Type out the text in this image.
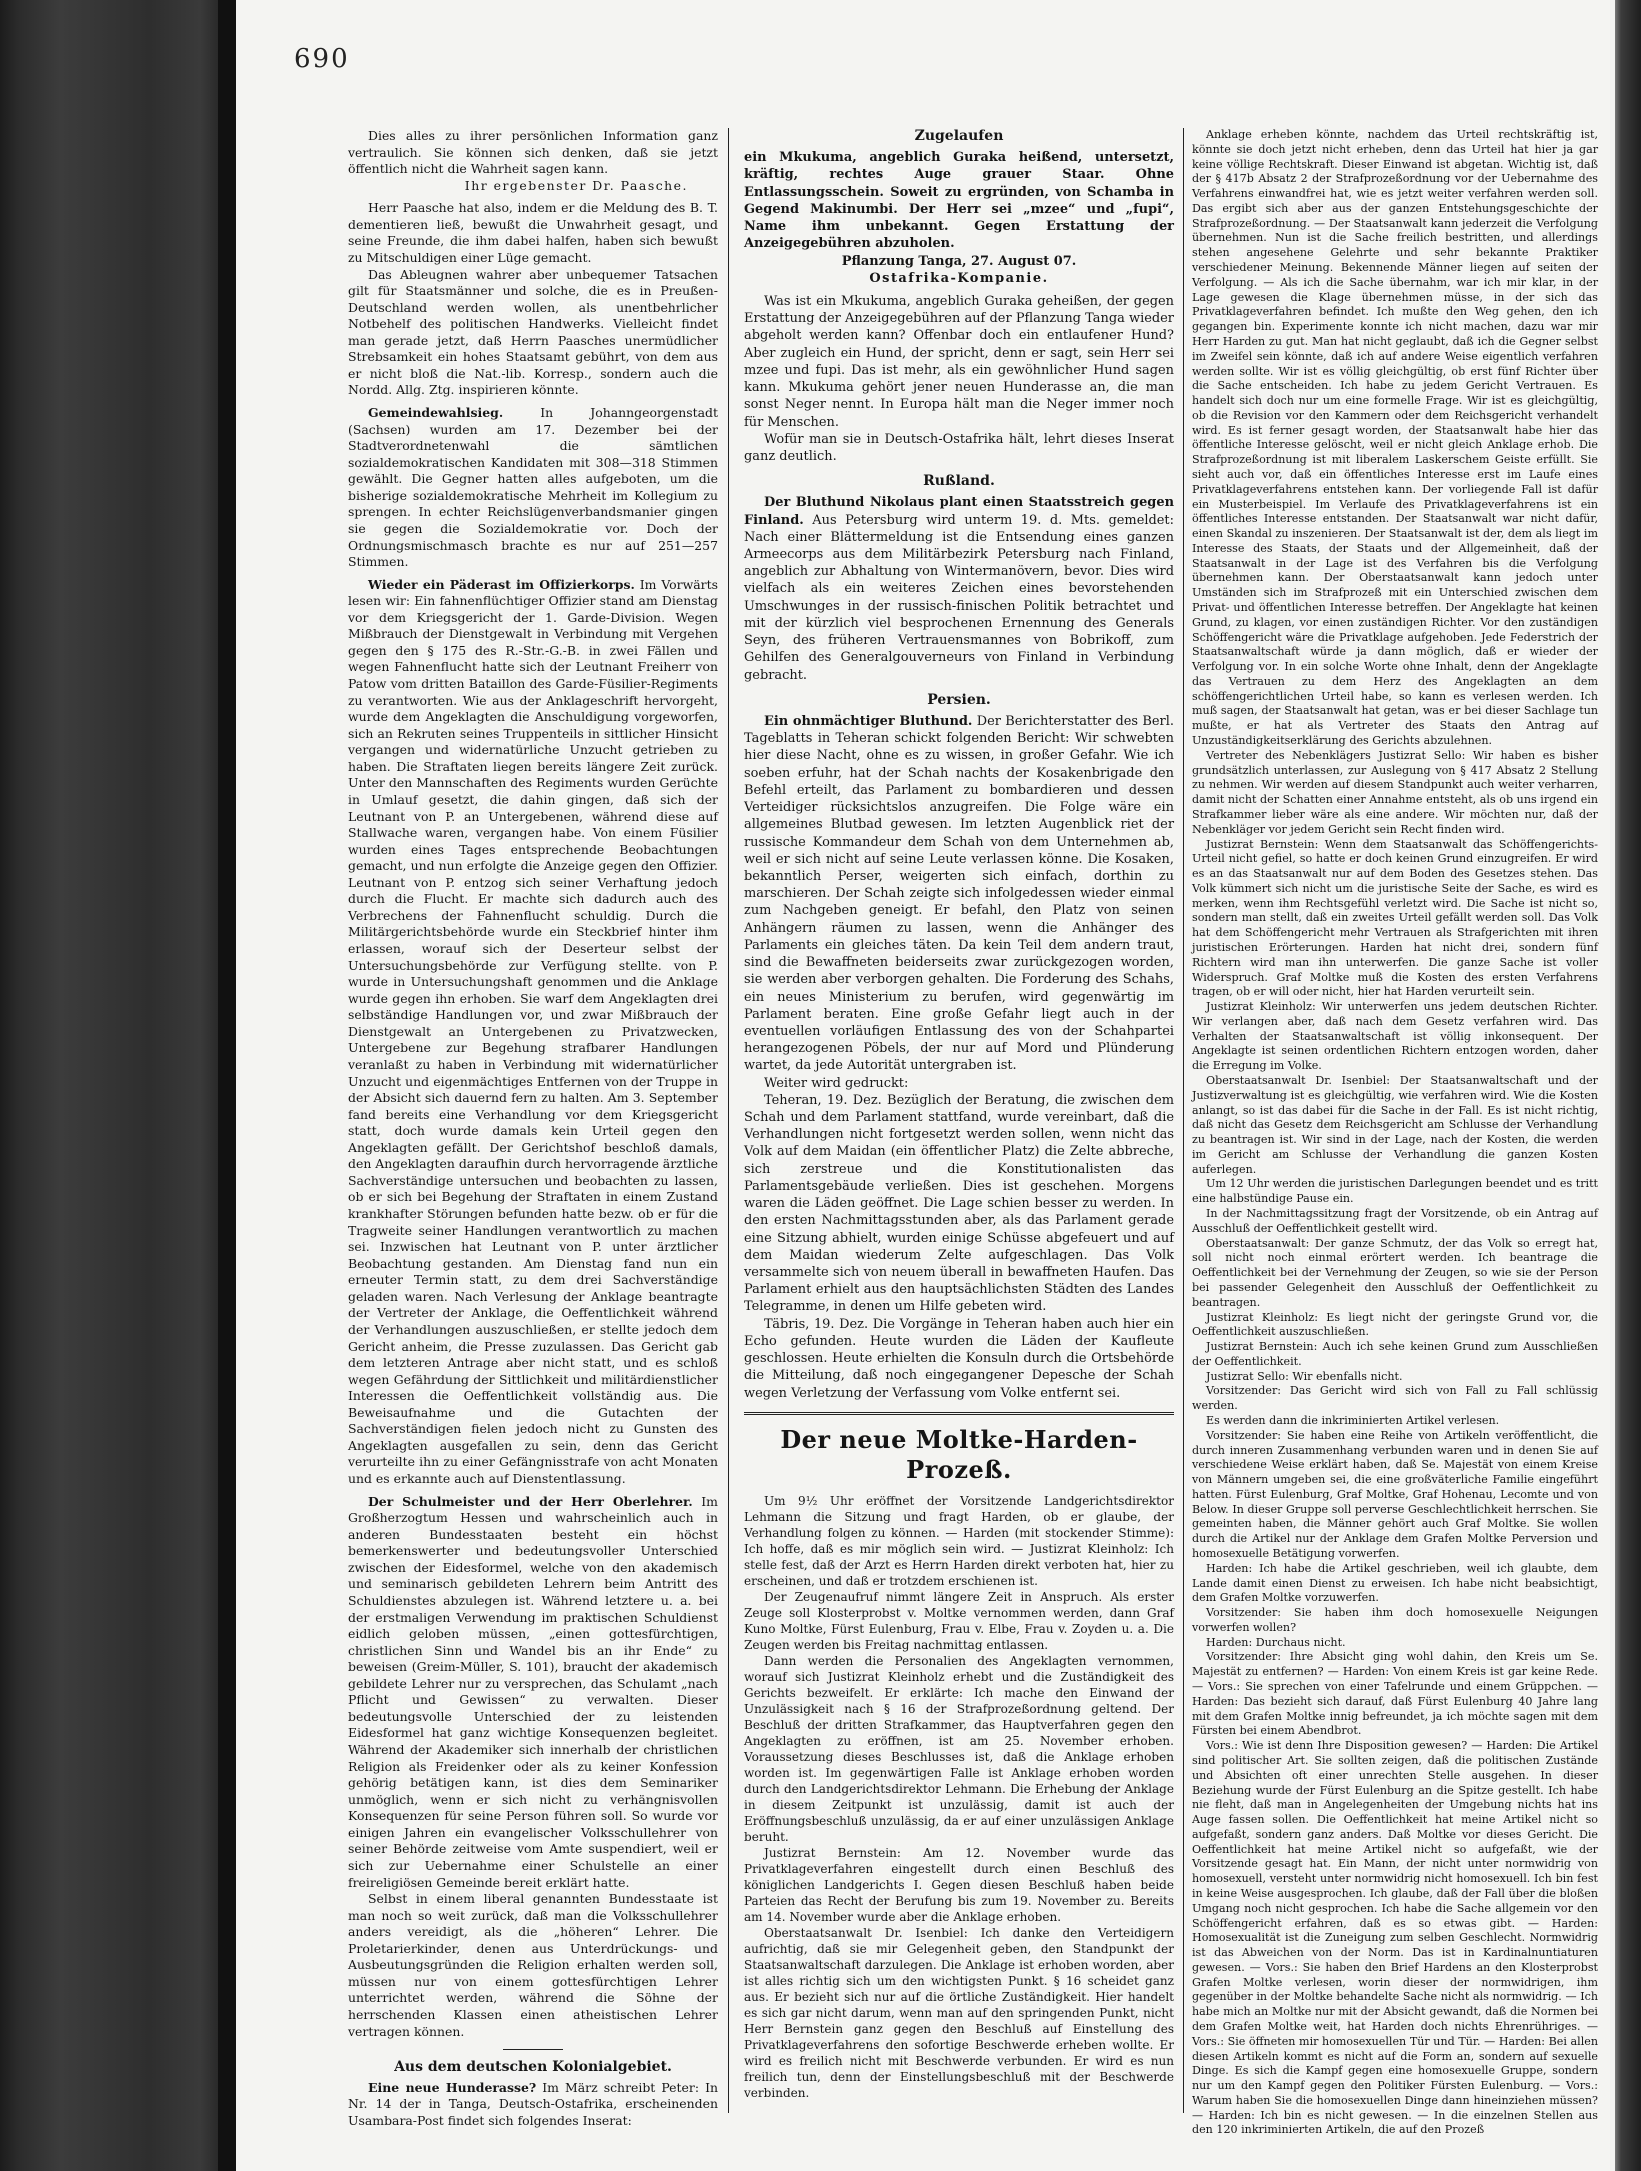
690

Dies alles zu ihrer persönlichen Information ganz vertraulich. Sie können sich denken, daß sie jetzt öffentlich nicht die Wahrheit sagen kann.

Ihr ergebenster Dr. Paasche.

Herr Paasche hat also, indem er die Meldung des B. T. dementieren ließ, bewußt die Unwahrheit gesagt, und seine Freunde, die ihm dabei halfen, haben sich bewußt zu Mitschuldigen einer Lüge gemacht.

Das Ableugnen wahrer aber unbequemer Tatsachen gilt für Staatsmänner und solche, die es in Preußen-Deutschland werden wollen, als unentbehrlicher Notbehelf des politischen Handwerks. Vielleicht findet man gerade jetzt, daß Herrn Paasches unermüdlicher Strebsamkeit ein hohes Staatsamt gebührt, von dem aus er nicht bloß die Nat.-lib. Korresp., sondern auch die Nordd. Allg. Ztg. inspirieren könnte.

Gemeindewahlsieg.	In Johanngeorgenstadt (Sachsen) wurden am 17. Dezember bei der Stadtverordnetenwahl die sämtlichen sozialdemokratischen Kandidaten mit 308—318 Stimmen gewählt. Die Gegner hatten alles aufgeboten, um die bisherige sozialdemokratische Mehrheit im Kollegium zu sprengen. In echter Reichslügenverbandsmanier gingen sie gegen die Sozialdemokratie vor. Doch der Ordnungsmischmasch brachte es nur auf 251—257 Stimmen.

Wieder ein Päderast im Offizierkorps. Im Vorwärts lesen wir: Ein fahnenflüchtiger Offizier stand am Dienstag vor dem Kriegsgericht der 1. Garde-Division. Wegen Mißbrauch der Dienstgewalt in Verbindung mit Vergehen gegen den § 175 des R.-Str.-G.-B. in zwei Fällen und wegen Fahnenflucht hatte sich der Leutnant Freiherr von Patow vom dritten Bataillon des Garde-Füsilier-Regiments zu verantworten. Wie aus der Anklageschrift hervorgeht, wurde dem Angeklagten die Anschuldigung vorgeworfen, sich an Rekruten seines Truppenteils in sittlicher Hinsicht vergangen und widernatürliche Unzucht getrieben zu haben. Die Straftaten liegen bereits längere Zeit zurück. Unter den Mannschaften des Regiments wurden Gerüchte in Umlauf gesetzt, die dahin gingen, daß sich der Leutnant von P. an Untergebenen, während diese auf Stallwache waren, vergangen habe. Von einem Füsilier wurden eines Tages entsprechende Beobachtungen gemacht, und nun erfolgte die Anzeige gegen den Offizier. Leutnant von P. entzog sich seiner Verhaftung jedoch durch die Flucht. Er machte sich dadurch auch des Verbrechens der Fahnenflucht schuldig. Durch die Militärgerichtsbehörde wurde ein Steckbrief hinter ihm erlassen, worauf sich der Deserteur selbst der Untersuchungsbehörde zur Verfügung stellte. von P. wurde in Untersuchungshaft genommen und die Anklage wurde gegen ihn erhoben. Sie warf dem Angeklagten drei selbständige Handlungen vor, und zwar Mißbrauch der Dienstgewalt an Untergebenen zu Privatzwecken, Untergebene zur Begehung strafbarer Handlungen veranlaßt zu haben in Verbindung mit widernatürlicher Unzucht und eigenmächtiges Entfernen von der Truppe in der Absicht sich dauernd fern zu halten. Am 3. September fand bereits eine Verhandlung vor dem Kriegsgericht statt, doch wurde damals kein Urteil gegen den Angeklagten gefällt. Der Gerichtshof beschloß damals, den Angeklagten daraufhin durch hervorragende ärztliche Sachverständige untersuchen und beobachten zu lassen, ob er sich bei Begehung der Straftaten in einem Zustand krankhafter Störungen befunden hatte bezw. ob er für die Tragweite seiner Handlungen verantwortlich zu machen sei. Inzwischen hat Leutnant von P. unter ärztlicher Beobachtung gestanden. Am Dienstag fand nun ein erneuter Termin statt, zu dem drei Sachverständige geladen waren. Nach Verlesung der Anklage beantragte der Vertreter der Anklage, die Oeffentlichkeit während der Verhandlungen auszuschließen, er stellte jedoch dem Gericht anheim, die Presse zuzulassen. Das Gericht gab dem letzteren Antrage aber nicht statt, und es schloß wegen Gefährdung der Sittlichkeit und militärdienstlicher Interessen die Oeffentlichkeit vollständig aus. Die Beweisaufnahme und die Gutachten der Sachverständigen fielen jedoch nicht zu Gunsten des Angeklagten ausgefallen zu sein, denn das Gericht verurteilte ihn zu einer Gefängnisstrafe von acht Monaten und es erkannte auch auf Dienstentlassung.

Der Schulmeister und der Herr Oberlehrer. Im Großherzogtum Hessen und wahrscheinlich auch in anderen Bundesstaaten besteht ein höchst bemerkenswerter und bedeutungsvoller Unterschied zwischen der Eidesformel, welche von den akademisch und seminarisch gebildeten Lehrern beim Antritt des Schuldienstes abzulegen ist. Während letztere u. a. bei der erstmaligen Verwendung im praktischen Schuldienst eidlich geloben müssen, „einen gottesfürchtigen, christlichen Sinn und Wandel bis an ihr Ende“ zu beweisen (Greim-Müller, S. 101), braucht der akademisch gebildete Lehrer nur zu versprechen, das Schulamt „nach Pflicht und Gewissen“ zu verwalten. Dieser bedeutungsvolle Unterschied der zu leistenden Eidesformel hat ganz wichtige Konsequenzen begleitet. Während der Akademiker sich innerhalb der christlichen Religion als Freidenker oder als zu keiner Konfession gehörig betätigen kann, ist dies dem Seminariker unmöglich, wenn er sich nicht zu verhängnisvollen Konsequenzen für seine Person führen soll. So wurde vor einigen Jahren ein evangelischer Volksschullehrer von seiner Behörde zeitweise vom Amte suspendiert, weil er sich zur Uebernahme einer Schulstelle an einer freireligiösen Gemeinde bereit erklärt hatte.

Selbst in einem liberal genannten Bundesstaate ist man noch so weit zurück, daß man die Volksschullehrer anders vereidigt, als die „höheren“ Lehrer. Die Proletarierkinder, denen aus Unterdrückungs- und Ausbeutungsgründen die Religion erhalten werden soll, müssen nur von einem gottesfürchtigen Lehrer unterrichtet werden, während die Söhne der herrschenden Klassen einen atheistischen Lehrer vertragen können.

Aus dem deutschen Kolonialgebiet.

Eine neue Hunderasse? Im März schreibt Peter: In Nr. 14 der in Tanga, Deutsch-Ostafrika, erscheinenden Usambara-Post findet sich folgendes Inserat:

Zugelaufen

ein Mkukuma, angeblich Guraka heißend, untersetzt, kräftig, rechtes Auge grauer Staar. Ohne Entlassungsschein. Soweit zu ergründen, von Schamba in Gegend Makinumbi. Der Herr sei „mzee“ und „fupi“, Name ihm unbekannt. Gegen Erstattung der Anzeigegebühren abzuholen.

Pflanzung Tanga, 27. August 07.

Ostafrika-Kompanie.

Was ist ein Mkukuma, angeblich Guraka geheißen, der gegen Erstattung der Anzeigegebühren auf der Pflanzung Tanga wieder abgeholt werden kann? Offenbar doch ein entlaufener Hund? Aber zugleich ein Hund, der spricht, denn er sagt, sein Herr sei mzee und fupi. Das ist mehr, als ein gewöhnlicher Hund sagen kann. Mkukuma gehört jener neuen Hunderasse an, die man sonst Neger nennt. In Europa hält man die Neger immer noch für Menschen.

Wofür man sie in Deutsch-Ostafrika hält, lehrt dieses Inserat ganz deutlich.

Rußland.

Der Bluthund Nikolaus plant einen Staatsstreich gegen Finland. Aus Petersburg wird unterm 19. d. Mts. gemeldet: Nach einer Blättermeldung ist die Entsendung eines ganzen Armeecorps aus dem Militärbezirk Petersburg nach Finland, angeblich zur Abhaltung von Wintermanövern, bevor. Dies wird vielfach als ein weiteres Zeichen eines bevorstehenden Umschwunges in der russisch-finischen Politik betrachtet und mit der kürzlich viel besprochenen Ernennung des Generals Seyn, des früheren Vertrauensmannes von Bobrikoff, zum Gehilfen des Generalgouverneurs von Finland in Verbindung gebracht.

Persien.

Ein ohnmächtiger Bluthund. Der Berichterstatter des Berl. Tageblatts in Teheran schickt folgenden Bericht: Wir schwebten hier diese Nacht, ohne es zu wissen, in großer Gefahr. Wie ich soeben erfuhr, hat der Schah nachts der Kosakenbrigade den Befehl erteilt, das Parlament zu bombardieren und dessen Verteidiger rücksichtslos anzugreifen. Die Folge wäre ein allgemeines Blutbad gewesen. Im letzten Augenblick riet der russische Kommandeur dem Schah von dem Unternehmen ab, weil er sich nicht auf seine Leute verlassen könne. Die Kosaken, bekanntlich Perser, weigerten sich einfach, dorthin zu marschieren. Der Schah zeigte sich infolgedessen wieder einmal zum Nachgeben geneigt. Er befahl, den Platz von seinen Anhängern räumen zu lassen, wenn die Anhänger des Parlaments ein gleiches täten. Da kein Teil dem andern traut, sind die Bewaffneten beiderseits zwar zurückgezogen worden, sie werden aber verborgen gehalten. Die Forderung des Schahs, ein neues Ministerium zu berufen, wird gegenwärtig im Parlament beraten. Eine große Gefahr liegt auch in der eventuellen vorläufigen Entlassung des von der Schahpartei herangezogenen Pöbels, der nur auf Mord und Plünderung wartet, da jede Autorität untergraben ist.

Weiter wird gedruckt:

Teheran, 19. Dez. Bezüglich der Beratung, die zwischen dem Schah und dem Parlament stattfand, wurde vereinbart, daß die Verhandlungen nicht fortgesetzt werden sollen, wenn nicht das Volk auf dem Maidan (ein öffentlicher Platz) die Zelte abbreche, sich zerstreue und die Konstitutionalisten das Parlamentsgebäude verließen. Dies ist geschehen. Morgens waren die Läden geöffnet. Die Lage schien besser zu werden. In den ersten Nachmittagsstunden aber, als das Parlament gerade eine Sitzung abhielt, wurden einige Schüsse abgefeuert und auf dem Maidan wiederum Zelte aufgeschlagen. Das Volk versammelte sich von neuem überall in bewaffneten Haufen. Das Parlament erhielt aus den hauptsächlichsten Städten des Landes Telegramme, in denen um Hilfe gebeten wird.

Täbris, 19. Dez. Die Vorgänge in Teheran haben auch hier ein Echo gefunden. Heute wurden die Läden der Kaufleute geschlossen. Heute erhielten die Konsuln durch die Ortsbehörde die Mitteilung, daß noch eingegangener Depesche der Schah wegen Verletzung der Verfassung vom Volke entfernt sei.

Der neue Moltke-Harden-Prozeß.

Um 9½ Uhr eröffnet der Vorsitzende Landgerichtsdirektor Lehmann die Sitzung und fragt Harden, ob er glaube, der Verhandlung folgen zu können. — Harden (mit stockender Stimme): Ich hoffe, daß es mir möglich sein wird. — Justizrat Kleinholz: Ich stelle fest, daß der Arzt es Herrn Harden direkt verboten hat, hier zu erscheinen, und daß er trotzdem erschienen ist.

Der Zeugenaufruf nimmt längere Zeit in Anspruch. Als erster Zeuge soll Klosterprobst v. Moltke vernommen werden, dann Graf Kuno Moltke, Fürst Eulenburg, Frau v. Elbe, Frau v. Zoyden u. a. Die Zeugen werden bis Freitag nachmittag entlassen.

Dann werden die Personalien des Angeklagten vernommen, worauf sich Justizrat Kleinholz erhebt und die Zuständigkeit des Gerichts bezweifelt. Er erklärte: Ich mache den Einwand der Unzulässigkeit nach § 16 der Strafprozeßordnung geltend. Der Beschluß der dritten Strafkammer, das Hauptverfahren gegen den Angeklagten zu eröffnen, ist am 25. November erhoben. Voraussetzung dieses Beschlusses ist, daß die Anklage erhoben worden ist. Im gegenwärtigen Falle ist Anklage erhoben worden durch den Landgerichtsdirektor Lehmann. Die Erhebung der Anklage in diesem Zeitpunkt ist unzulässig, damit ist auch der Eröffnungsbeschluß unzulässig, da er auf einer unzulässigen Anklage beruht.

Justizrat Bernstein: Am 12. November wurde das Privatklageverfahren eingestellt durch einen Beschluß des königlichen Landgerichts I. Gegen diesen Beschluß haben beide Parteien das Recht der Berufung bis zum 19. November zu. Bereits am 14. November wurde aber die Anklage erhoben.

Oberstaatsanwalt Dr. Isenbiel: Ich danke den Verteidigern aufrichtig, daß sie mir Gelegenheit geben, den Standpunkt der Staatsanwaltschaft darzulegen. Die Anklage ist erhoben worden, aber ist alles richtig sich um den wichtigsten Punkt. § 16 scheidet ganz aus. Er bezieht sich nur auf die örtliche Zuständigkeit. Hier handelt es sich gar nicht darum, wenn man auf den springenden Punkt, nicht Herr Bernstein ganz gegen den Beschluß auf Einstellung des Privatklageverfahrens den sofortige Beschwerde erheben wollte. Er wird es freilich nicht mit Beschwerde verbunden. Er wird es nun freilich tun, denn der Einstellungsbeschluß mit der Beschwerde verbinden.

Anklage erheben könnte, nachdem das Urteil rechtskräftig ist, könnte sie doch jetzt nicht erheben, denn das Urteil hat hier ja gar keine völlige Rechtskraft. Dieser Einwand ist abgetan. Wichtig ist, daß der § 417b Absatz 2 der Strafprozeßordnung vor der Uebernahme des Verfahrens einwandfrei hat, wie es jetzt weiter verfahren werden soll. Das ergibt sich aber aus der ganzen Entstehungsgeschichte der Strafprozeßordnung. — Der Staatsanwalt kann jederzeit die Verfolgung übernehmen. Nun ist die Sache freilich bestritten, und allerdings stehen angesehene Gelehrte und sehr bekannte Praktiker verschiedener Meinung. Bekennende Männer liegen auf seiten der Verfolgung. — Als ich die Sache übernahm, war ich mir klar, in der Lage gewesen die Klage übernehmen müsse, in der sich das Privatklageverfahren befindet. Ich mußte den Weg gehen, den ich gegangen bin. Experimente konnte ich nicht machen, dazu war mir Herr Harden zu gut. Man hat nicht geglaubt, daß ich die Gegner selbst im Zweifel sein könnte, daß ich auf andere Weise eigentlich verfahren werden sollte. Wir ist es völlig gleichgültig, ob erst fünf Richter über die Sache entscheiden. Ich habe zu jedem Gericht Vertrauen. Es handelt sich doch nur um eine formelle Frage. Wir ist es gleichgültig, ob die Revision vor den Kammern oder dem Reichsgericht verhandelt wird. Es ist ferner gesagt worden, der Staatsanwalt habe hier das öffentliche Interesse gelöscht, weil er nicht gleich Anklage erhob. Die Strafprozeßordnung ist mit liberalem Laskerschem Geiste erfüllt. Sie sieht auch vor, daß ein öffentliches Interesse erst im Laufe eines Privatklageverfahrens entstehen kann. Der vorliegende Fall ist dafür ein Musterbeispiel. Im Verlaufe des Privatklageverfahrens ist ein öffentliches Interesse entstanden. Der Staatsanwalt war nicht dafür, einen Skandal zu inszenieren. Der Staatsanwalt ist der, dem als liegt im Interesse des Staats, der Staats und der Allgemeinheit, daß der Staatsanwalt in der Lage ist des Verfahren bis die Verfolgung übernehmen kann. Der Oberstaatsanwalt kann jedoch unter Umständen sich im Strafprozeß mit ein Unterschied zwischen dem Privat- und öffentlichen Interesse betreffen. Der Angeklagte hat keinen Grund, zu klagen, vor einen zuständigen Richter. Vor den zuständigen Schöffengericht wäre die Privatklage aufgehoben. Jede Federstrich der Staatsanwaltschaft würde ja dann möglich, daß er wieder der Verfolgung vor. In ein solche Worte ohne Inhalt, denn der Angeklagte das Vertrauen zu dem Herz des Angeklagten an dem schöffengerichtlichen Urteil habe, so kann es verlesen werden. Ich muß sagen, der Staatsanwalt hat getan, was er bei dieser Sachlage tun mußte, er hat als Vertreter des Staats den Antrag auf Unzuständigkeitserklärung des Gerichts abzulehnen.

Vertreter des Nebenklägers Justizrat Sello: Wir haben es bisher grundsätzlich unterlassen, zur Auslegung von § 417 Absatz 2 Stellung zu nehmen. Wir werden auf diesem Standpunkt auch weiter verharren, damit nicht der Schatten einer Annahme entsteht, als ob uns irgend ein Strafkammer lieber wäre als eine andere. Wir möchten nur, daß der Nebenkläger vor jedem Gericht sein Recht finden wird.

Justizrat Bernstein: Wenn dem Staatsanwalt das Schöffengerichts-Urteil nicht gefiel, so hatte er doch keinen Grund einzugreifen. Er wird es an das Staatsanwalt nur auf dem Boden des Gesetzes stehen. Das Volk kümmert sich nicht um die juristische Seite der Sache, es wird es merken, wenn ihm Rechtsgefühl verletzt wird. Die Sache ist nicht so, sondern man stellt, daß ein zweites Urteil gefällt werden soll. Das Volk hat dem Schöffengericht mehr Vertrauen als Strafgerichten mit ihren juristischen Erörterungen. Harden hat nicht drei, sondern fünf Richtern wird man ihn unterwerfen. Die ganze Sache ist voller Widerspruch. Graf Moltke muß die Kosten des ersten Verfahrens tragen, ob er will oder nicht, hier hat Harden verurteilt sein.

Justizrat Kleinholz: Wir unterwerfen uns jedem deutschen Richter. Wir verlangen aber, daß nach dem Gesetz verfahren wird. Das Verhalten der Staatsanwaltschaft ist völlig inkonsequent. Der Angeklagte ist seinen ordentlichen Richtern entzogen worden, daher die Erregung im Volke.

Oberstaatsanwalt Dr. Isenbiel: Der Staatsanwaltschaft und der Justizverwaltung ist es gleichgültig, wie verfahren wird. Wie die Kosten anlangt, so ist das dabei für die Sache in der Fall. Es ist nicht richtig, daß nicht das Gesetz dem Reichsgericht am Schlusse der Verhandlung zu beantragen ist. Wir sind in der Lage, nach der Kosten, die werden im Gericht am Schlusse der Verhandlung die ganzen Kosten auferlegen.

Um 12 Uhr werden die juristischen Darlegungen beendet und es tritt eine halbstündige Pause ein.

In der Nachmittagssitzung fragt der Vorsitzende, ob ein Antrag auf Ausschluß der Oeffentlichkeit gestellt wird.

Oberstaatsanwalt: Der ganze Schmutz, der das Volk so erregt hat, soll nicht noch einmal erörtert werden. Ich beantrage die Oeffentlichkeit bei der Vernehmung der Zeugen, so wie sie der Person bei passender Gelegenheit den Ausschluß der Oeffentlichkeit zu beantragen.

Justizrat Kleinholz: Es liegt nicht der geringste Grund vor, die Oeffentlichkeit auszuschließen.

Justizrat Bernstein: Auch ich sehe keinen Grund zum Ausschließen der Oeffentlichkeit.

Justizrat Sello: Wir ebenfalls nicht.

Vorsitzender: Das Gericht wird sich von Fall zu Fall schlüssig werden.

Es werden dann die inkriminierten Artikel verlesen.

Vorsitzender: Sie haben eine Reihe von Artikeln veröffentlicht, die durch inneren Zusammenhang verbunden waren und in denen Sie auf verschiedene Weise erklärt haben, daß Se. Majestät von einem Kreise von Männern umgeben sei, die eine großväterliche Familie eingeführt hatten. Fürst Eulenburg, Graf Moltke, Graf Hohenau, Lecomte und von Below. In dieser Gruppe soll perverse Geschlechtlichkeit herrschen. Sie gemeinten haben, die Männer gehört auch Graf Moltke. Sie wollen durch die Artikel nur der Anklage dem Grafen Moltke Perversion und homosexuelle Betätigung vorwerfen.

Harden: Ich habe die Artikel geschrieben, weil ich glaubte, dem Lande damit einen Dienst zu erweisen. Ich habe nicht beabsichtigt, dem Grafen Moltke vorzuwerfen.

Vorsitzender: Sie haben ihm doch homosexuelle Neigungen vorwerfen wollen?

Harden: Durchaus nicht.

Vorsitzender: Ihre Absicht ging wohl dahin, den Kreis um Se. Majestät zu entfernen? — Harden: Von einem Kreis ist gar keine Rede. — Vors.: Sie sprechen von einer Tafelrunde und einem Grüppchen. — Harden: Das bezieht sich darauf, daß Fürst Eulenburg 40 Jahre lang mit dem Grafen Moltke innig befreundet, ja ich möchte sagen mit dem Fürsten bei einem Abendbrot.

Vors.: Wie ist denn Ihre Disposition gewesen? — Harden: Die Artikel sind politischer Art. Sie sollten zeigen, daß die politischen Zustände und Absichten oft einer unrechten Stelle ausgehen. In dieser Beziehung wurde der Fürst Eulenburg an die Spitze gestellt. Ich habe nie fleht, daß man in Angelegenheiten der Umgebung nichts hat ins Auge fassen sollen. Die Oeffentlichkeit hat meine Artikel nicht so aufgefaßt, sondern ganz anders. Daß Moltke vor dieses Gericht. Die Oeffentlichkeit hat meine Artikel nicht so aufgefaßt, wie der Vorsitzende gesagt hat. Ein Mann, der nicht unter normwidrig von homosexuell, versteht unter normwidrig nicht homosexuell. Ich bin fest in keine Weise ausgesprochen. Ich glaube, daß der Fall über die bloßen Umgang noch nicht gesprochen. Ich habe die Sache allgemein vor den Schöffengericht erfahren, daß es so etwas gibt. — Harden: Homosexualität ist die Zuneigung zum selben Geschlecht. Normwidrig ist das Abweichen von der Norm. Das ist in Kardinalnuntiaturen gewesen. — Vors.: Sie haben den Brief Hardens an den Klosterprobst Grafen Moltke verlesen, worin dieser der normwidrigen, ihm gegenüber in der Moltke behandelte Sache nicht als normwidrig. — Ich habe mich an Moltke nur mit der Absicht gewandt, daß die Normen bei dem Grafen Moltke weit, hat Harden doch nichts Ehrenrühriges. — Vors.: Sie öffneten mir homosexuellen Tür und Tür. — Harden: Bei allen diesen Artikeln kommt es nicht auf die Form an, sondern auf sexuelle Dinge. Es sich die Kampf gegen eine homosexuelle Gruppe, sondern nur um den Kampf gegen den Politiker Fürsten Eulenburg. — Vors.: Warum haben Sie die homosexuellen Dinge dann hineinziehen müssen? — Harden: Ich bin es nicht gewesen. — In die einzelnen Stellen aus den 120 inkriminierten Artikeln, die auf den Prozeß
